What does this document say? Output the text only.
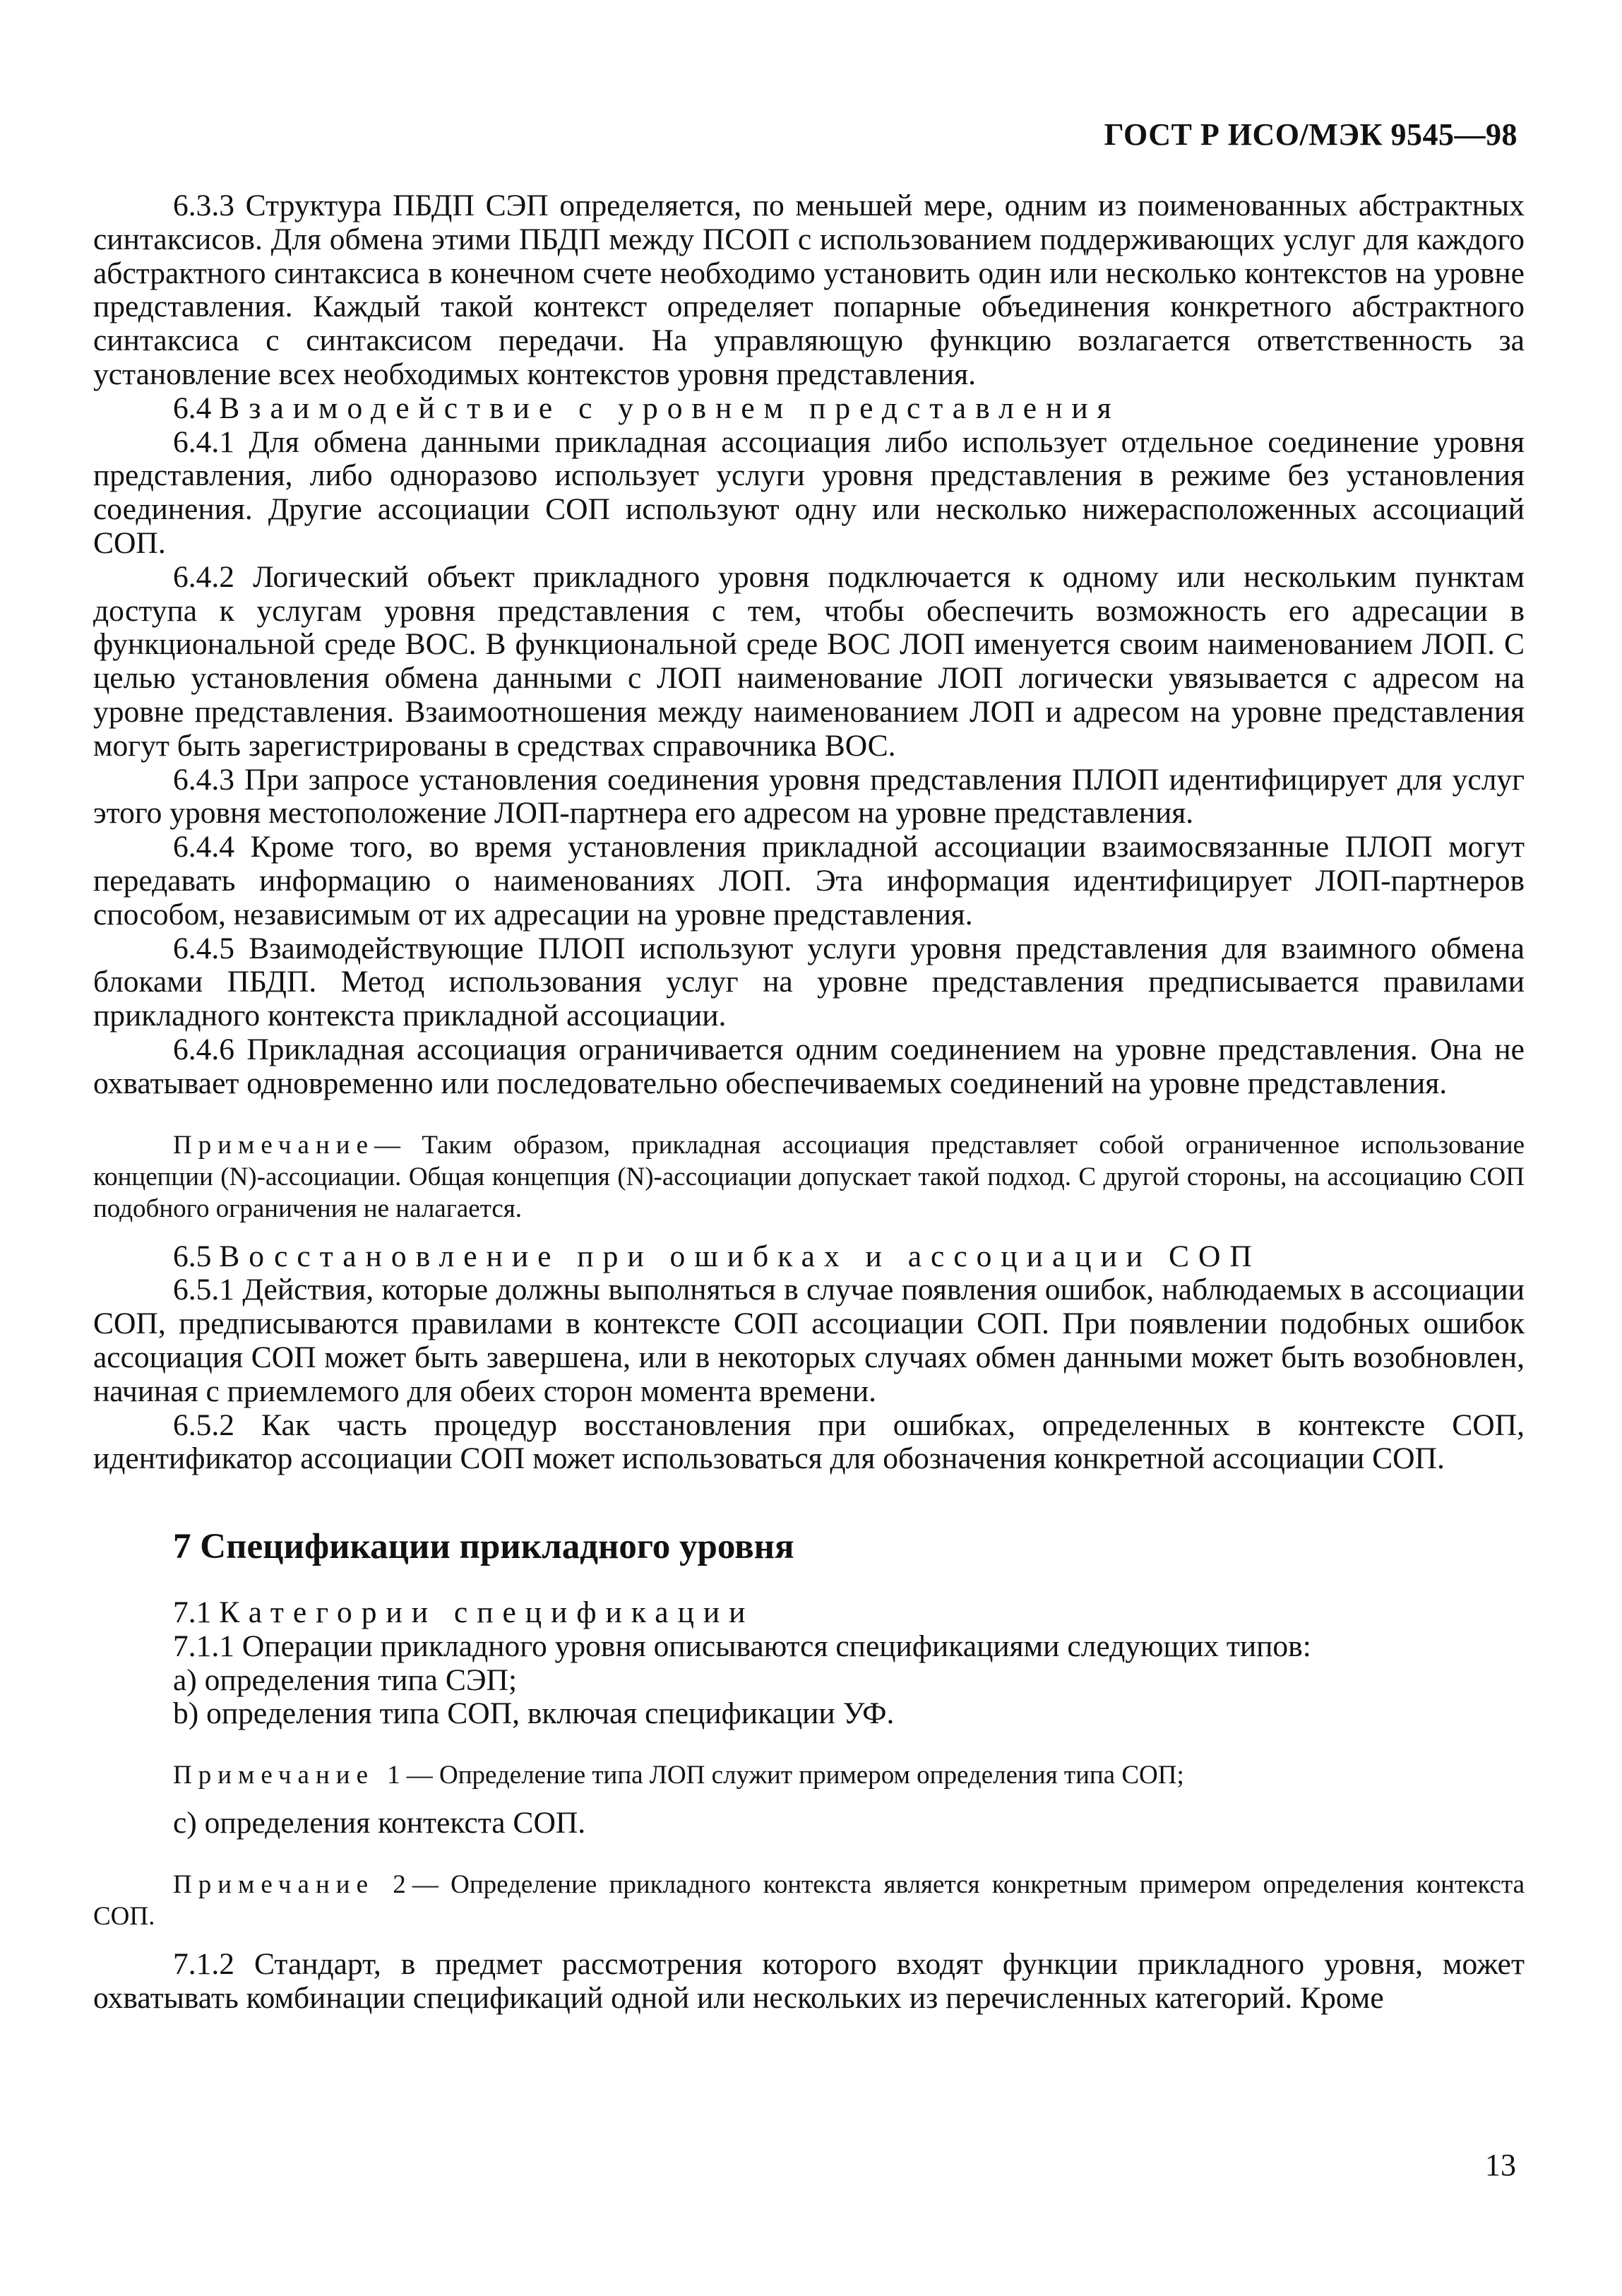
ГОСТ Р ИСО/МЭК 9545—98

6.3.3 Структура ПБДП СЭП определяется, по меньшей мере, одним из поименованных абстрактных синтаксисов. Для обмена этими ПБДП между ПСОП с использованием поддерживающих услуг для каждого абстрактного синтаксиса в конечном счете необходимо установить один или несколько контекстов на уровне представления. Каждый такой контекст определяет попарные объединения конкретного абстрактного синтаксиса с синтаксисом передачи. На управляющую функцию возлагается ответственность за установление всех необходимых контекстов уровня представления.

6.4 Взаимодействие с уровнем представления

6.4.1 Для обмена данными прикладная ассоциация либо использует отдельное соединение уровня представления, либо одноразово использует услуги уровня представления в режиме без установления соединения. Другие ассоциации СОП используют одну или несколько нижерасположенных ассоциаций СОП.

6.4.2 Логический объект прикладного уровня подключается к одному или нескольким пунктам доступа к услугам уровня представления с тем, чтобы обеспечить возможность его адресации в функциональной среде ВОС. В функциональной среде ВОС ЛОП именуется своим наименованием ЛОП. С целью установления обмена данными с ЛОП наименование ЛОП логически увязывается с адресом на уровне представления. Взаимоотношения между наименованием ЛОП и адресом на уровне представления могут быть зарегистрированы в средствах справочника ВОС.

6.4.3 При запросе установления соединения уровня представления ПЛОП идентифицирует для услуг этого уровня местоположение ЛОП-партнера его адресом на уровне представления.

6.4.4 Кроме того, во время установления прикладной ассоциации взаимосвязанные ПЛОП могут передавать информацию о наименованиях ЛОП. Эта информация идентифицирует ЛОП-партнеров способом, независимым от их адресации на уровне представления.

6.4.5 Взаимодействующие ПЛОП используют услуги уровня представления для взаимного обмена блоками ПБДП. Метод использования услуг на уровне представления предписывается правилами прикладного контекста прикладной ассоциации.

6.4.6 Прикладная ассоциация ограничивается одним соединением на уровне представления. Она не охватывает одновременно или последовательно обеспечиваемых соединений на уровне представления.

Примечание— Таким образом, прикладная ассоциация представляет собой ограниченное использование концепции (N)-ассоциации. Общая концепция (N)-ассоциации допускает такой подход. С другой стороны, на ассоциацию СОП подобного ограничения не налагается.

6.5 Восстановление при ошибках и ассоциации СОП

6.5.1 Действия, которые должны выполняться в случае появления ошибок, наблюдаемых в ассоциации СОП, предписываются правилами в контексте СОП ассоциации СОП. При появлении подобных ошибок ассоциация СОП может быть завершена, или в некоторых случаях обмен данными может быть возобновлен, начиная с приемлемого для обеих сторон момента времени.

6.5.2 Как часть процедур восстановления при ошибках, определенных в контексте СОП, идентификатор ассоциации СОП может использоваться для обозначения конкретной ассоциации СОП.

7 Спецификации прикладного уровня

7.1 Категории спецификации

7.1.1 Операции прикладного уровня описываются спецификациями следующих типов:

a) определения типа СЭП;

b) определения типа СОП, включая спецификации УФ.

Примечание 1— Определение типа ЛОП служит примером определения типа СОП;

c) определения контекста СОП.

Примечание 2— Определение прикладного контекста является конкретным примером определения контекста СОП.

7.1.2 Стандарт, в предмет рассмотрения которого входят функции прикладного уровня, может охватывать комбинации спецификаций одной или нескольких из перечисленных категорий. Кроме

13
